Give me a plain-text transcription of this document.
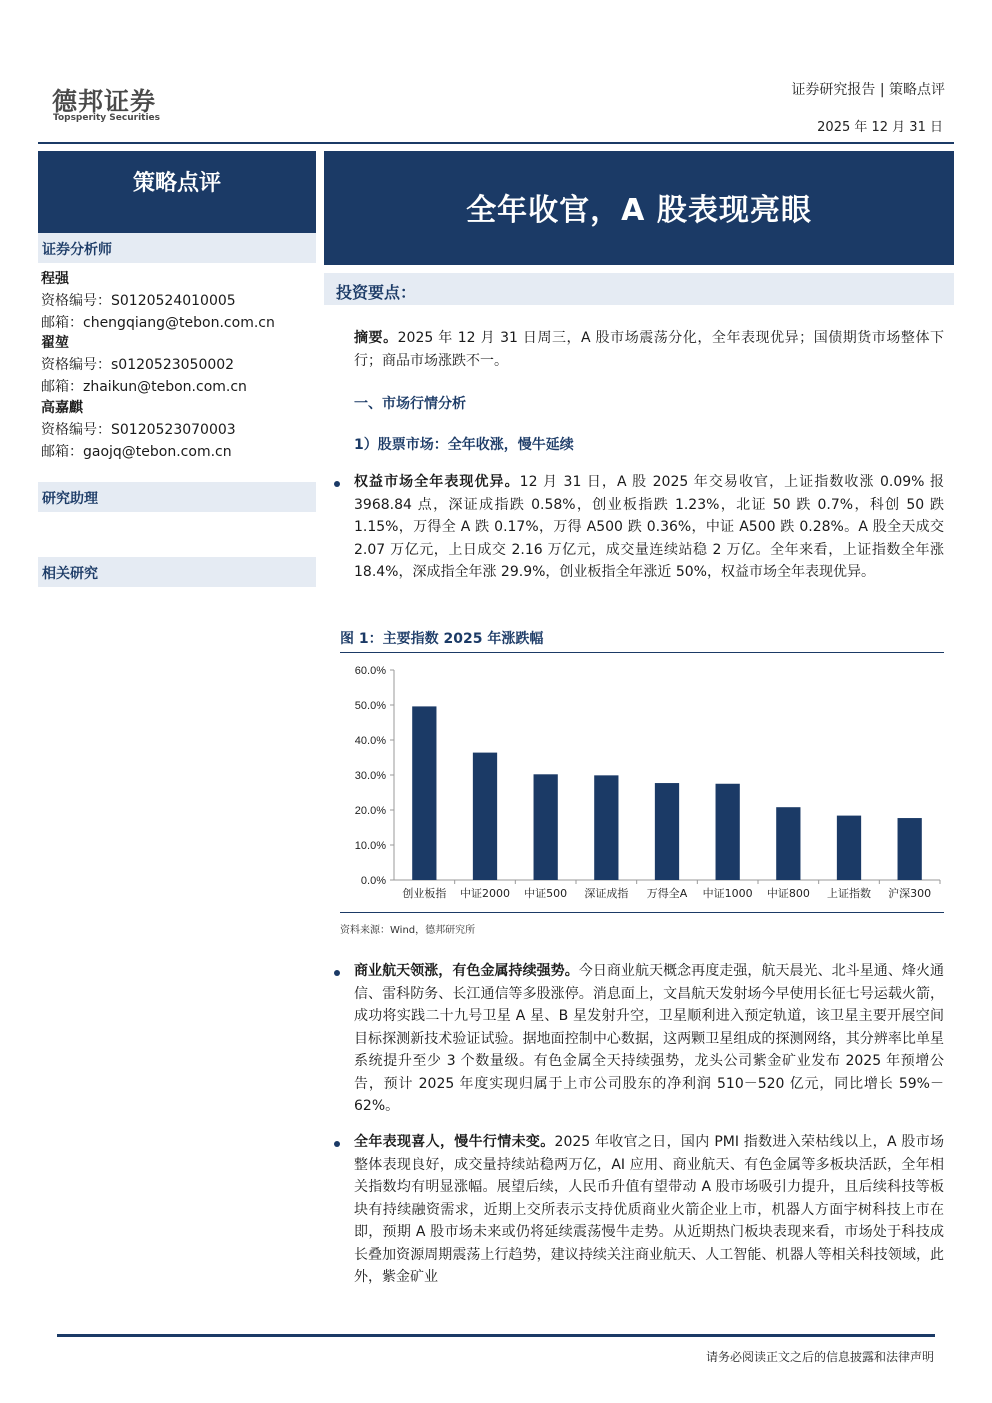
德邦证券
Topsperity Securities
证券研究报告 | 策略点评
2025 年 12 月 31 日
策略点评
证券分析师
程强
资格编号：S0120524010005
邮箱：chengqiang@tebon.com.cn
翟堃
资格编号：s0120523050002
邮箱：zhaikun@tebon.com.cn
高嘉麒
资格编号：S0120523070003
邮箱：gaojq@tebon.com.cn
研究助理
相关研究
全年收官，A 股表现亮眼
投资要点：
摘要。2025 年 12 月 31 日周三，A 股市场震荡分化，全年表现优异；国债期货市场整体下行；商品市场涨跌不一。
一、市场行情分析
1）股票市场：全年收涨，慢牛延续
权益市场全年表现优异。12 月 31 日，A 股 2025 年交易收官，上证指数收涨 0.09% 报 3968.84 点，深证成指跌 0.58%，创业板指跌 1.23%，北证 50 跌 0.7%，科创 50 跌 1.15%，万得全 A 跌 0.17%，万得 A500 跌 0.36%，中证 A500 跌 0.28%。A 股全天成交 2.07 万亿元，上日成交 2.16 万亿元，成交量连续站稳 2 万亿。全年来看，上证指数全年涨 18.4%，深成指全年涨 29.9%，创业板指全年涨近 50%，权益市场全年表现优异。
图 1：主要指数 2025 年涨跌幅
0.0%
10.0%
20.0%
30.0%
40.0%
50.0%
60.0%
创业板指 中证2000 中证500 深证成指 万得全A 中证1000 中证800 上证指数 沪深300
资料来源：Wind，德邦研究所
商业航天领涨，有色金属持续强势。今日商业航天概念再度走强，航天晨光、北斗星通、烽火通信、雷科防务、长江通信等多股涨停。消息面上，文昌航天发射场今早使用长征七号运载火箭，成功将实践二十九号卫星 A 星、B 星发射升空，卫星顺利进入预定轨道，该卫星主要开展空间目标探测新技术验证试验。据地面控制中心数据，这两颗卫星组成的探测网络，其分辨率比单星系统提升至少 3 个数量级。有色金属全天持续强势，龙头公司紫金矿业发布 2025 年预增公告，预计 2025 年度实现归属于上市公司股东的净利润 510－520 亿元，同比增长 59%－62%。
全年表现喜人，慢牛行情未变。2025 年收官之日，国内 PMI 指数进入荣枯线以上，A 股市场整体表现良好，成交量持续站稳两万亿，AI 应用、商业航天、有色金属等多板块活跃，全年相关指数均有明显涨幅。展望后续，人民币升值有望带动 A 股市场吸引力提升，且后续科技等板块有持续融资需求，近期上交所表示支持优质商业火箭企业上市，机器人方面宇树科技上市在即，预期 A 股市场未来或仍将延续震荡慢牛走势。从近期热门板块表现来看，市场处于科技成长叠加资源周期震荡上行趋势，建议持续关注商业航天、人工智能、机器人等相关科技领域，此外，紫金矿业
请务必阅读正文之后的信息披露和法律声明
